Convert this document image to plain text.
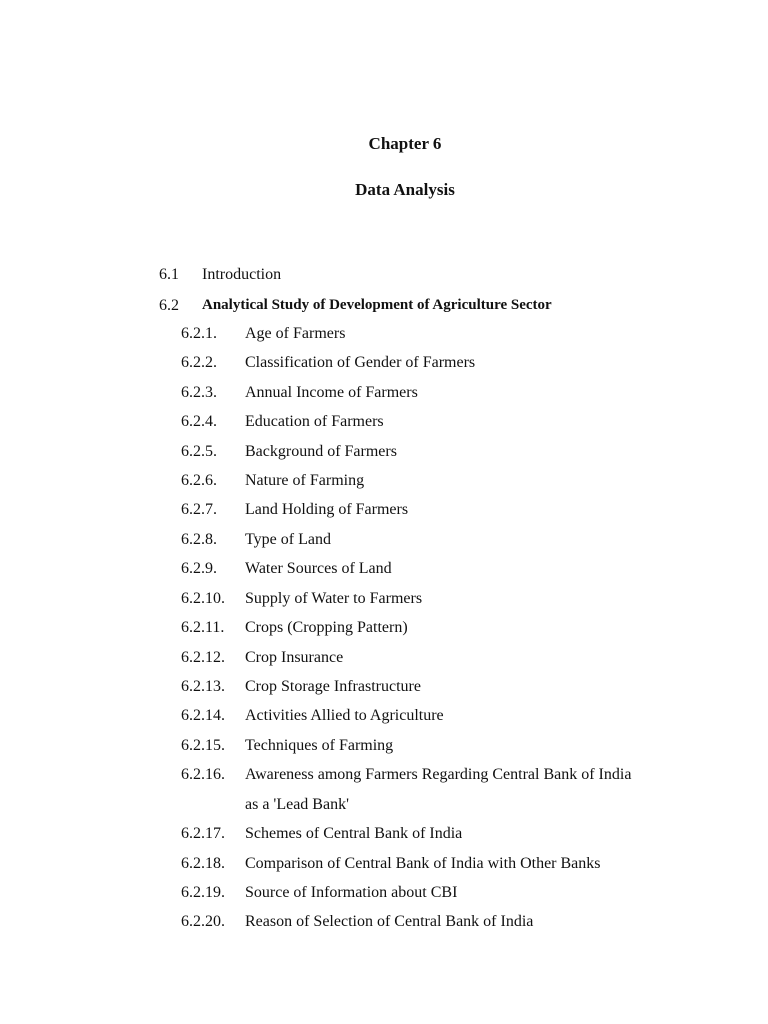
Chapter 6
Data Analysis
6.1 Introduction
6.2 Analytical Study of Development of Agriculture Sector
6.2.1. Age of Farmers
6.2.2. Classification of Gender of Farmers
6.2.3. Annual Income of Farmers
6.2.4. Education of Farmers
6.2.5. Background of Farmers
6.2.6. Nature of Farming
6.2.7. Land Holding of Farmers
6.2.8. Type of Land
6.2.9. Water Sources of Land
6.2.10. Supply of Water to Farmers
6.2.11. Crops (Cropping Pattern)
6.2.12. Crop Insurance
6.2.13. Crop Storage Infrastructure
6.2.14. Activities Allied to Agriculture
6.2.15. Techniques of Farming
6.2.16. Awareness among Farmers Regarding Central Bank of India
as a 'Lead Bank'
6.2.17. Schemes of Central Bank of India
6.2.18. Comparison of Central Bank of India with Other Banks
6.2.19. Source of Information about CBI
6.2.20. Reason of Selection of Central Bank of India
